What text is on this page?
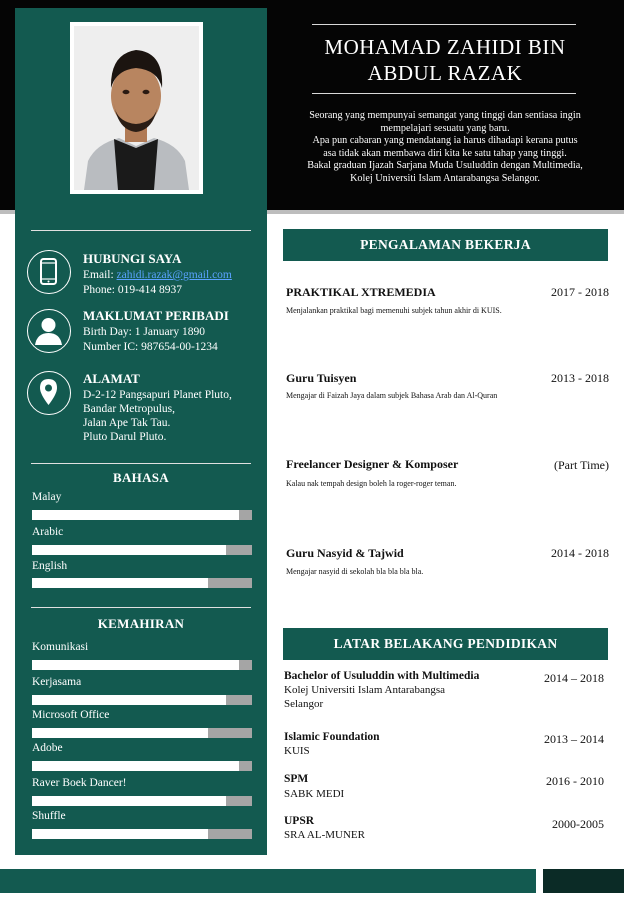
MOHAMAD ZAHIDI BIN
ABDUL RAZAK
Seorang yang mempunyai semangat yang tinggi dan sentiasa ingin
mempelajari sesuatu yang baru.
Apa pun cabaran yang mendatang ia harus dihadapi kerana putus
asa tidak akan membawa diri kita ke satu tahap yang tinggi.
Bakal graduan Ijazah Sarjana Muda Usuluddin dengan Multimedia,
Kolej Universiti Islam Antarabangsa Selangor.
HUBUNGI SAYA
Email: zahidi.razak@gmail.com
Phone: 019-414 8937
MAKLUMAT PERIBADI
Birth Day: 1 January 1890
Number IC: 987654-00-1234
ALAMAT
D-2-12 Pangsapuri Planet Pluto,
Bandar Metropulus,
Jalan Ape Tak Tau.
Pluto Darul Pluto.
BAHASA
Malay
Arabic
English
KEMAHIRAN
Komunikasi
Kerjasama
Microsoft Office
Adobe
Raver Boek Dancer!
Shuffle
PENGALAMAN BEKERJA
PRAKTIKAL XTREMEDIA	2017 - 2018
Menjalankan praktikal bagi memenuhi subjek tahun akhir di KUIS.
Guru Tuisyen	2013 - 2018
Mengajar di Faizah Jaya dalam subjek Bahasa Arab dan Al-Quran
Freelancer Designer & Komposer	(Part Time)
Kalau nak tempah design boleh la roger-roger teman.
Guru Nasyid & Tajwid	2014 - 2018
Mengajar nasyid di sekolah bla bla bla bla.
LATAR BELAKANG PENDIDIKAN
Bachelor of Usuluddin with Multimedia
Kolej Universiti Islam Antarabangsa
Selangor
2014 – 2018
Islamic Foundation
KUIS
2013 – 2014
SPM
SABK MEDI
2016 - 2010
UPSR
SRA AL-MUNER
2000-2005
